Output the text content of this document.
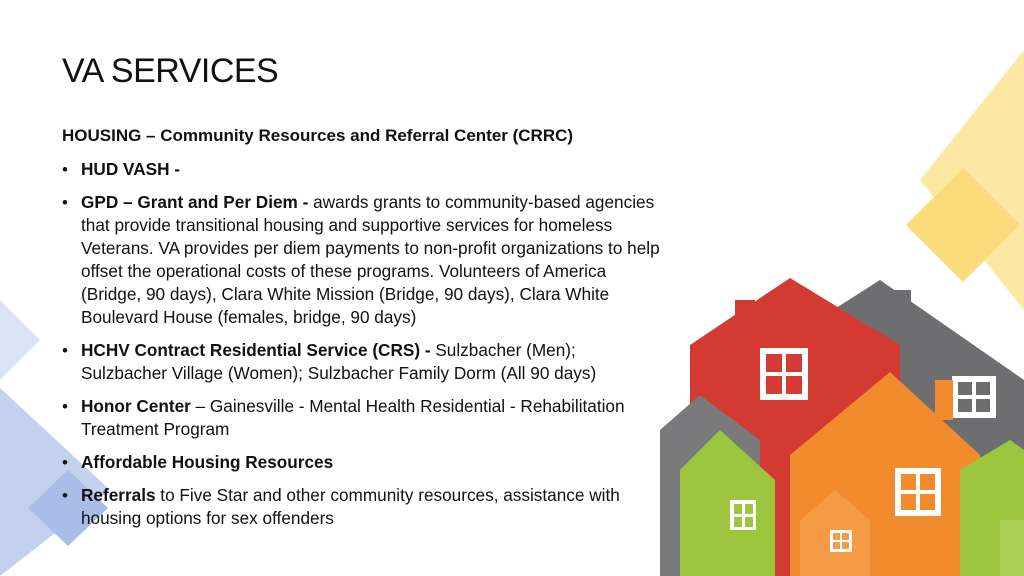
VA SERVICES
HOUSING – Community Resources and Referral Center (CRRC)
• HUD VASH -
• GPD – Grant and Per Diem - awards grants to community-based agencies that provide transitional housing and supportive services for homeless Veterans. VA provides per diem payments to non-profit organizations to help offset the operational costs of these programs. Volunteers of America (Bridge, 90 days), Clara White Mission (Bridge, 90 days), Clara White Boulevard House (females, bridge, 90 days)
• HCHV Contract Residential Service (CRS) - Sulzbacher (Men); Sulzbacher Village (Women); Sulzbacher Family Dorm (All 90 days)
• Honor Center – Gainesville - Mental Health Residential - Rehabilitation Treatment Program
• Affordable Housing Resources
• Referrals to Five Star and other community resources, assistance with housing options for sex offenders
